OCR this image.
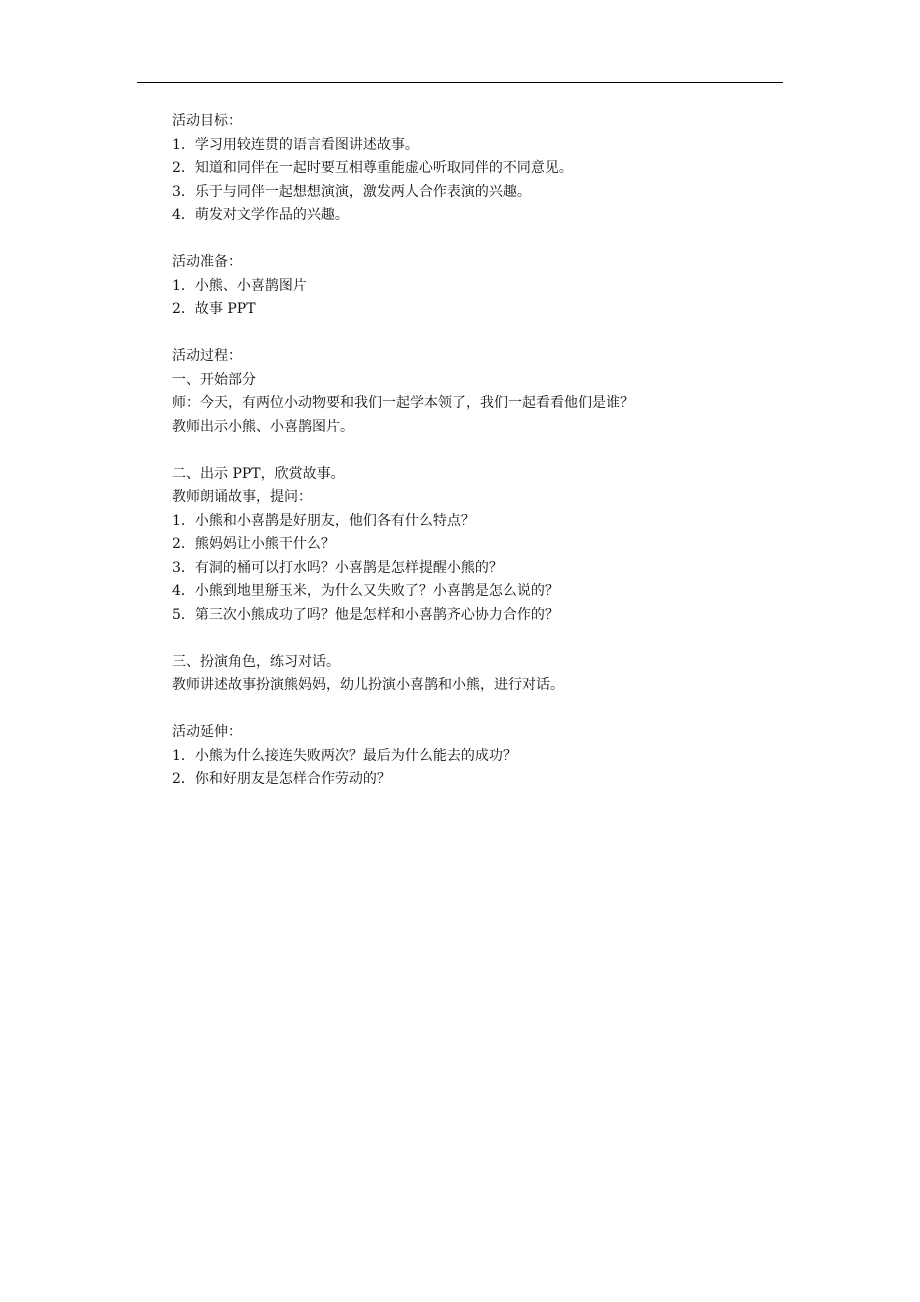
活动目标：
1．学习用较连贯的语言看图讲述故事。
2．知道和同伴在一起时要互相尊重能虚心听取同伴的不同意见。
3．乐于与同伴一起想想演演，激发两人合作表演的兴趣。
4．萌发对文学作品的兴趣。
活动准备：
1．小熊、小喜鹊图片
2．故事 PPT
活动过程：
一、开始部分
师：今天，有两位小动物要和我们一起学本领了，我们一起看看他们是谁？
教师出示小熊、小喜鹊图片。
二、出示 PPT，欣赏故事。
教师朗诵故事，提问：
1．小熊和小喜鹊是好朋友，他们各有什么特点？
2．熊妈妈让小熊干什么？
3．有洞的桶可以打水吗？小喜鹊是怎样提醒小熊的？
4．小熊到地里掰玉米，为什么又失败了？小喜鹊是怎么说的？
5．第三次小熊成功了吗？他是怎样和小喜鹊齐心协力合作的？
三、扮演角色，练习对话。
教师讲述故事扮演熊妈妈，幼儿扮演小喜鹊和小熊，进行对话。
活动延伸：
1．小熊为什么接连失败两次？最后为什么能去的成功？
2．你和好朋友是怎样合作劳动的？
